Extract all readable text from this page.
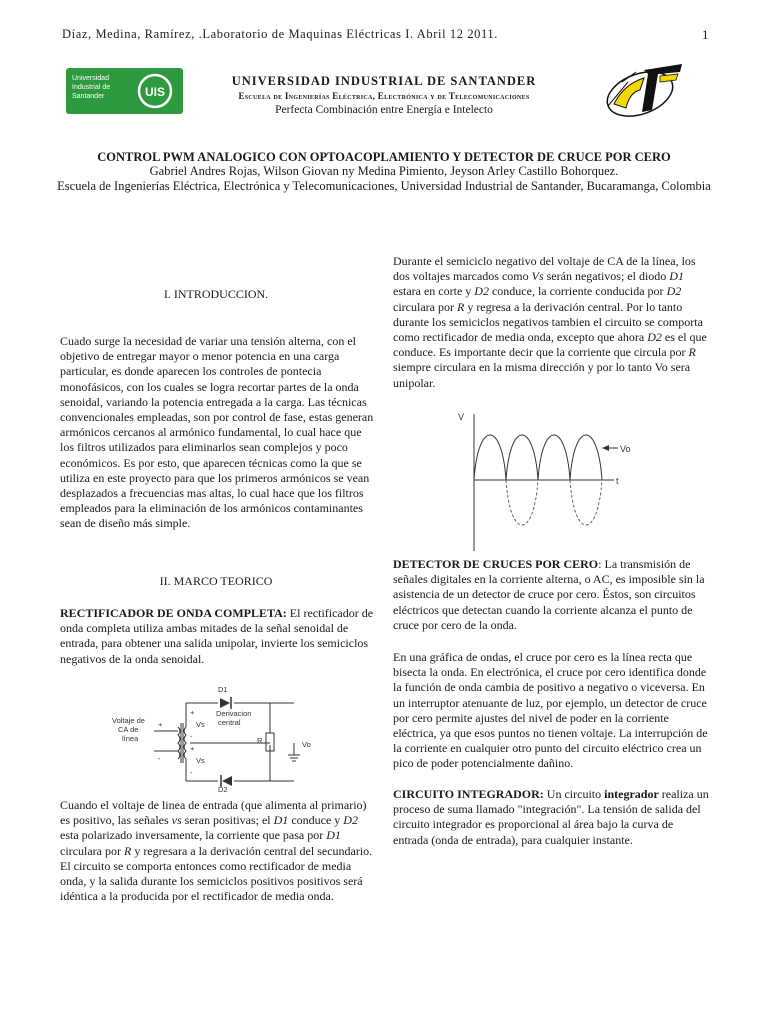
Díaz, Medina, Ramírez, .Laboratorio de Maquinas Eléctricas I. Abril 12 2011.	1
Universidad Industrial de Santander	UIS
UNIVERSIDAD INDUSTRIAL DE SANTANDER
Escuela de Ingenierías Eléctrica, Electrónica y de Telecomunicaciones
Perfecta Combinación entre Energía e Intelecto
CONTROL PWM ANALOGICO CON OPTOACOPLAMIENTO Y DETECTOR DE CRUCE POR CERO
Gabriel Andres Rojas, Wilson Giovan ny Medina Pimiento, Jeyson Arley Castillo Bohorquez.
Escuela de Ingenierías Eléctrica, Electrónica y Telecomunicaciones, Universidad Industrial de Santander, Bucaramanga, Colombia
I. INTRODUCCION.
Cuado surge la necesidad de variar una tensión alterna, con el objetivo de entregar mayor o menor potencia en una carga particular, es donde aparecen los controles de pontecia monofásicos, con los cuales se logra recortar partes de la onda senoidal, variando la potencia entregada a la carga. Las técnicas convencionales empleadas, son por control de fase, estas generan armónicos cercanos al armónico fundamental, lo cual hace que los filtros utilizados para eliminarlos sean complejos y poco económicos. Es por esto, que aparecen técnicas como la que se utiliza en este proyecto para que los primeros armónicos se vean desplazados a frecuencias mas altas, lo cual hace que los filtros empleados para la eliminación de los armónicos contaminantes sean de diseño más simple.
II. MARCO TEORICO
RECTIFICADOR DE ONDA COMPLETA: El rectificador de onda completa utiliza ambas mitades de la señal senoidal de entrada, para obtener una salida unipolar, invierte los semiciclos negativos de la onda senoidal.
D1
D2
+
Vs
-
+
Vs
-
Derivacion
central
Voltaje de
CA de
línea
+
-
R	Vo
Cuando el voltaje de linea de entrada (que alimenta al primario) es positivo, las señales vs seran positivas; el D1 conduce y D2 esta polarizado inversamente, la corriente que pasa por D1 circulara por R y regresara a la derivación central del secundario. El circuito se comporta entonces como rectificador de media onda, y la salida durante los semiciclos positivos positivos será idéntica a la producida por el rectificador de media onda.
Durante el semiciclo negativo del voltaje de CA de la línea, los dos voltajes marcados como Vs serán negativos; el diodo D1 estara en corte y D2 conduce, la corriente conducida por D2 circulara por R y regresa a la derivación central. Por lo tanto durante los semiciclos negativos tambien el circuito se comporta como rectificador de media onda, excepto que ahora D2 es el que conduce. Es importante decir que la corriente que circula por R siempre circulara en la misma dirección y por lo tanto Vo sera unipolar.
V
t
Vo
DETECTOR DE CRUCES POR CERO: La transmisión de señales digitales en la corriente alterna, o AC, es imposible sin la asistencia de un detector de cruce por cero. Éstos, son circuitos eléctricos que detectan cuando la corriente alcanza el punto de cruce por cero de la onda.
En una gráfica de ondas, el cruce por cero es la línea recta que bisecta la onda. En electrónica, el cruce por cero identifica donde la función de onda cambia de positivo a negativo o viceversa. En un interruptor atenuante de luz, por ejemplo, un detector de cruce por cero permite ajustes del nivel de poder en la corriente eléctrica, ya que esos puntos no tienen voltaje. La interrupción de la corriente en cualquier otro punto del circuito eléctrico crea un pico de poder potencialmente dañino.
CIRCUITO INTEGRADOR: Un circuito integrador realiza un proceso de suma llamado "integración". La tensión de salida del circuito integrador es proporcional al área bajo la curva de entrada (onda de entrada), para cualquier instante.
